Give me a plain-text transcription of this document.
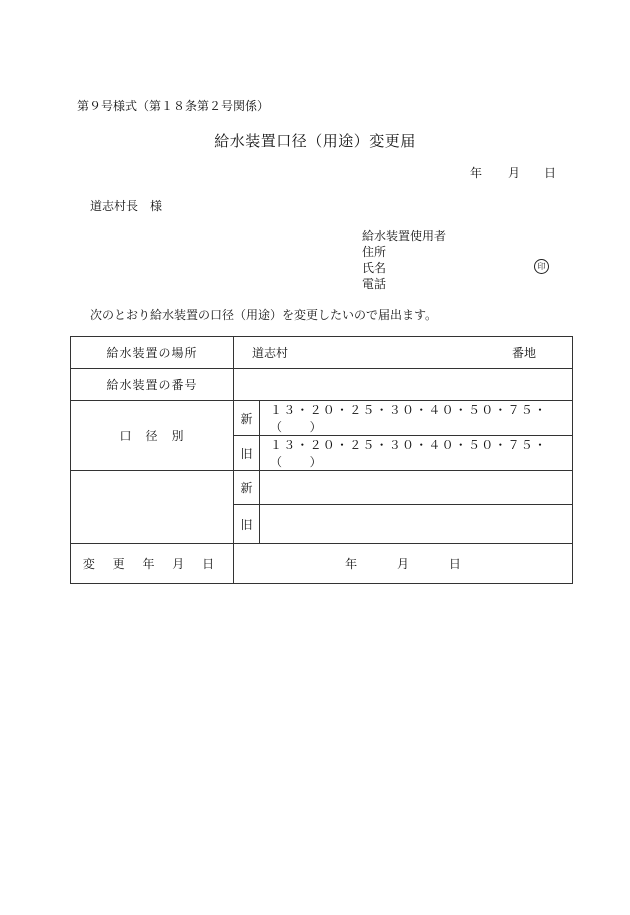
第９号様式（第１８条第２号関係）
給水装置口径（用途）変更届
年 月 日
道志村長　様
給水装置使用者
住所
氏名
電話
印
次のとおり給水装置の口径（用途）を変更したいので届出ます。
給水装置の場所	道志村 番地	

給水装置の番号		
口　径　別	新	１３・２０・２５・３０・４０・５０・７５・（　　）
	旧	１３・２０・２５・３０・４０・５０・７５・（　　）
	新	
	旧	
変 更 年 月 日	年 月 日	
